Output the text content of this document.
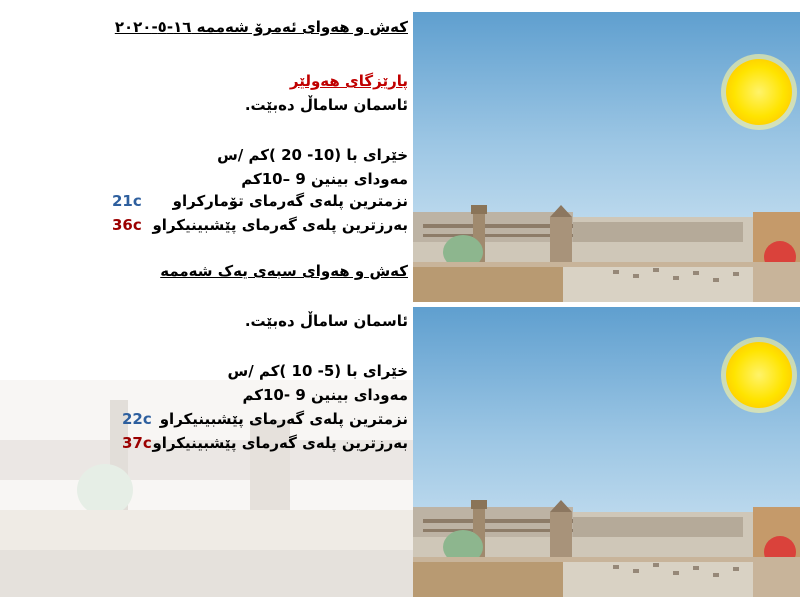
کەش و هەوای ئەمرۆ شەممە ۱٦-٥-۲۰۲۰
پارێزگای هەولێر
ئاسمان ساماڵ دەبێت.
خێرای با (10- 20 )کم /س
مەودای بینین 9 –10کم
نزمترین پلەی گەرمای تۆمارکراو
21c
بەرزترین پلەی گەرمای پێشبینیکراو
36c
کەش و هەوای سبەی یەک شەممە
ئاسمان ساماڵ دەبێت.
خێرای با (5- 10 )کم /س
مەودای بینین 9 -10کم
نزمترین پلەی گەرمای پێشبینیکراو
22c
بەرزترین پلەی گەرمای پێشبینیکراو
37c
